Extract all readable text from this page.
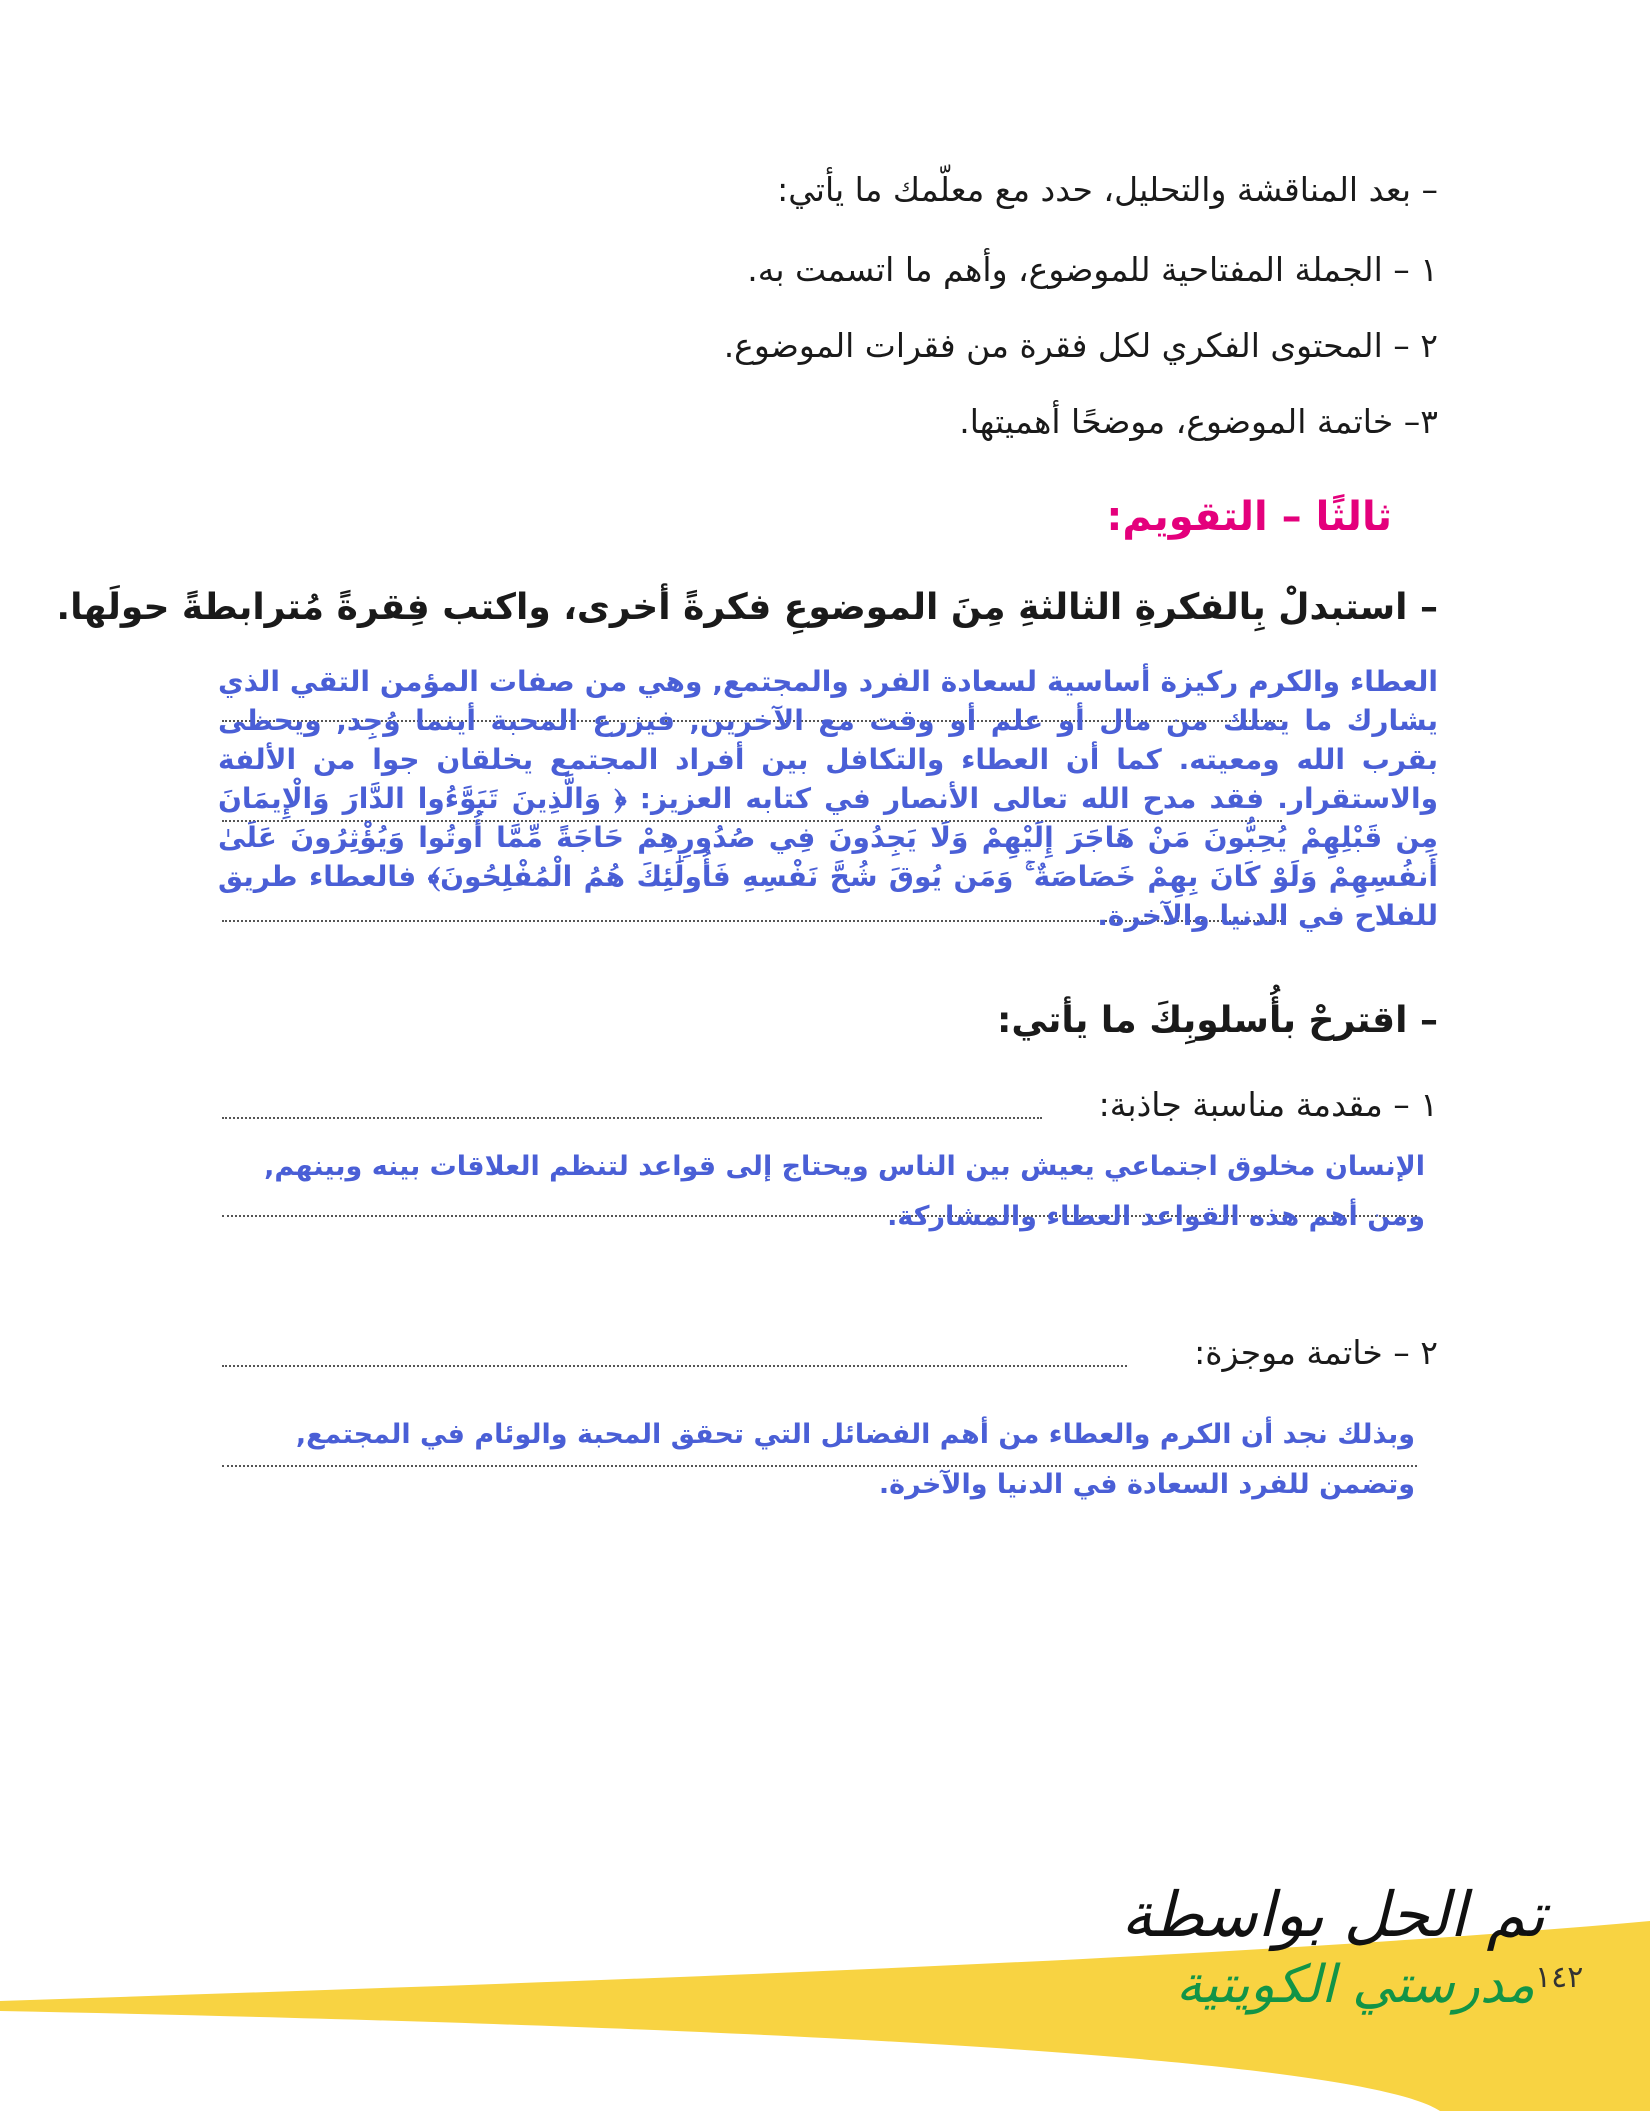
– بعد المناقشة والتحليل، حدد مع معلّمك ما يأتي:
١ – الجملة المفتاحية للموضوع، وأهم ما اتسمت به.
٢ – المحتوى الفكري لكل فقرة من فقرات الموضوع.
٣– خاتمة الموضوع، موضحًا أهميتها.
ثالثًا – التقويم:
– استبدلْ بِالفكرةِ الثالثةِ مِنَ الموضوعِ فكرةً أخرى، واكتب فِقرةً مُترابطةً حولَها.
العطاء والكرم ركيزة أساسية لسعادة الفرد والمجتمع, وهي من صفات المؤمن التقي الذي يشارك ما يملك من مال أو علم أو وقت مع الآخرين, فيزرع المحبة أينما وُجِد, ويحظى بقرب الله ومعيته. كما أن العطاء والتكافل بين أفراد المجتمع يخلقان جوا من الألفة والاستقرار. فقد مدح الله تعالى الأنصار في كتابه العزيز: ﴿ وَالَّذِينَ تَبَوَّءُوا الدَّارَ وَالْإِيمَانَ مِن قَبْلِهِمْ يُحِبُّونَ مَنْ هَاجَرَ إِلَيْهِمْ وَلَا يَجِدُونَ فِي صُدُورِهِمْ حَاجَةً مِّمَّا أُوتُوا وَيُؤْثِرُونَ عَلَىٰ أَنفُسِهِمْ وَلَوْ كَانَ بِهِمْ خَصَاصَةٌ ۚ وَمَن يُوقَ شُحَّ نَفْسِهِ فَأُولَٰئِكَ هُمُ الْمُفْلِحُونَ﴾ فالعطاء طريق للفلاح في الدنيا والآخرة.
– اقترحْ بأُسلوبِكَ ما يأتي:
١ – مقدمة مناسبة جاذبة:
الإنسان مخلوق اجتماعي يعيش بين الناس ويحتاج إلى قواعد لتنظم العلاقات بينه وبينهم,
ومن أهم هذه القواعد العطاء والمشاركة.
٢ – خاتمة موجزة:
وبذلك نجد أن الكرم والعطاء من أهم الفضائل التي تحقق المحبة والوئام في المجتمع,
وتضمن للفرد السعادة في الدنيا والآخرة.
١٤٢
تم الحل بواسطة
مدرستي الكويتية
